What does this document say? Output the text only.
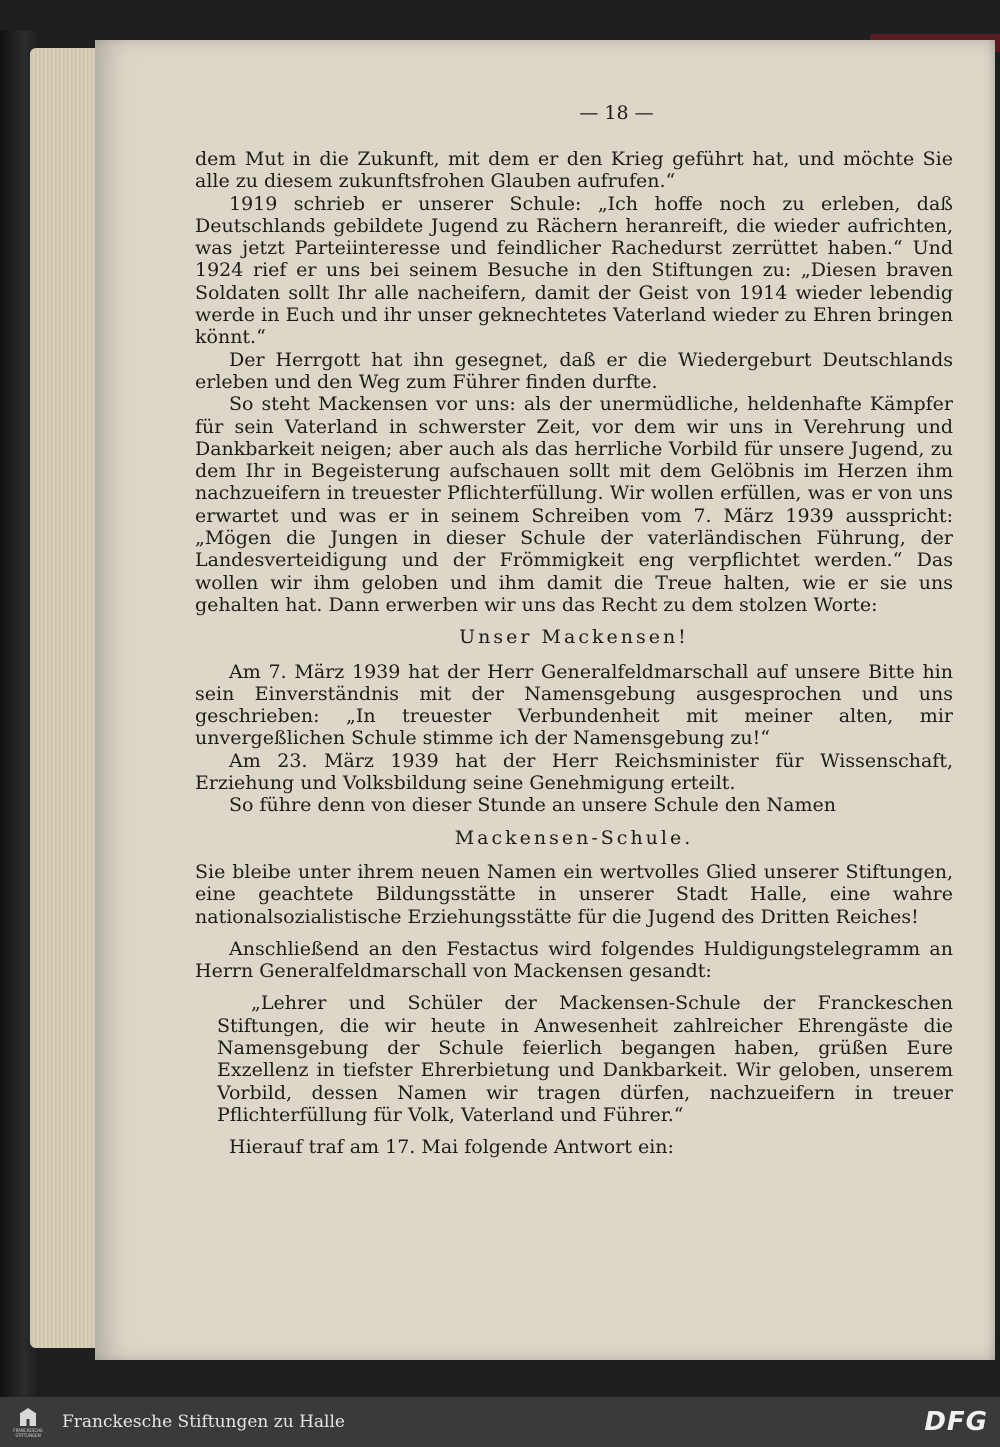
— 18 —

dem Mut in die Zukunft, mit dem er den Krieg geführt hat, und möchte Sie alle zu diesem zukunftsfrohen Glauben aufrufen.“

1919 schrieb er unserer Schule: „Ich hoffe noch zu erleben, daß Deutschlands gebildete Jugend zu Rächern heranreift, die wieder aufrichten, was jetzt Parteiinteresse und feindlicher Rachedurst zerrüttet haben.“ Und 1924 rief er uns bei seinem Besuche in den Stiftungen zu: „Diesen braven Soldaten sollt Ihr alle nacheifern, damit der Geist von 1914 wieder lebendig werde in Euch und ihr unser geknechtetes Vaterland wieder zu Ehren bringen könnt.“

Der Herrgott hat ihn gesegnet, daß er die Wiedergeburt Deutschlands erleben und den Weg zum Führer finden durfte.

So steht Mackensen vor uns: als der unermüdliche, heldenhafte Kämpfer für sein Vaterland in schwerster Zeit, vor dem wir uns in Verehrung und Dankbarkeit neigen; aber auch als das herrliche Vorbild für unsere Jugend, zu dem Ihr in Begeisterung aufschauen sollt mit dem Gelöbnis im Herzen ihm nachzueifern in treuester Pflichterfüllung. Wir wollen erfüllen, was er von uns erwartet und was er in seinem Schreiben vom 7. März 1939 ausspricht: „Mögen die Jungen in dieser Schule der vaterländischen Führung, der Landesverteidigung und der Frömmigkeit eng verpflichtet werden.“ Das wollen wir ihm geloben und ihm damit die Treue halten, wie er sie uns gehalten hat. Dann erwerben wir uns das Recht zu dem stolzen Worte:

Unser Mackensen!

Am 7. März 1939 hat der Herr Generalfeldmarschall auf unsere Bitte hin sein Einverständnis mit der Namensgebung ausgesprochen und uns geschrieben: „In treuester Verbundenheit mit meiner alten, mir unvergeßlichen Schule stimme ich der Namensgebung zu!“

Am 23. März 1939 hat der Herr Reichsminister für Wissenschaft, Erziehung und Volksbildung seine Genehmigung erteilt.

So führe denn von dieser Stunde an unsere Schule den Namen

Mackensen-Schule.

Sie bleibe unter ihrem neuen Namen ein wertvolles Glied unserer Stiftungen, eine geachtete Bildungsstätte in unserer Stadt Halle, eine wahre nationalsozialistische Erziehungsstätte für die Jugend des Dritten Reiches!

Anschließend an den Festactus wird folgendes Huldigungstelegramm an Herrn Generalfeldmarschall von Mackensen gesandt:

„Lehrer und Schüler der Mackensen-Schule der Franckeschen Stiftungen, die wir heute in Anwesenheit zahlreicher Ehrengäste die Namensgebung der Schule feierlich begangen haben, grüßen Eure Exzellenz in tiefster Ehrerbietung und Dankbarkeit. Wir geloben, unserem Vorbild, dessen Namen wir tragen dürfen, nachzueifern in treuer Pflichterfüllung für Volk, Vaterland und Führer.“

Hierauf traf am 17. Mai folgende Antwort ein:

FRANCKESCHE STIFTUNGEN
Franckesche Stiftungen zu Halle	DFG
